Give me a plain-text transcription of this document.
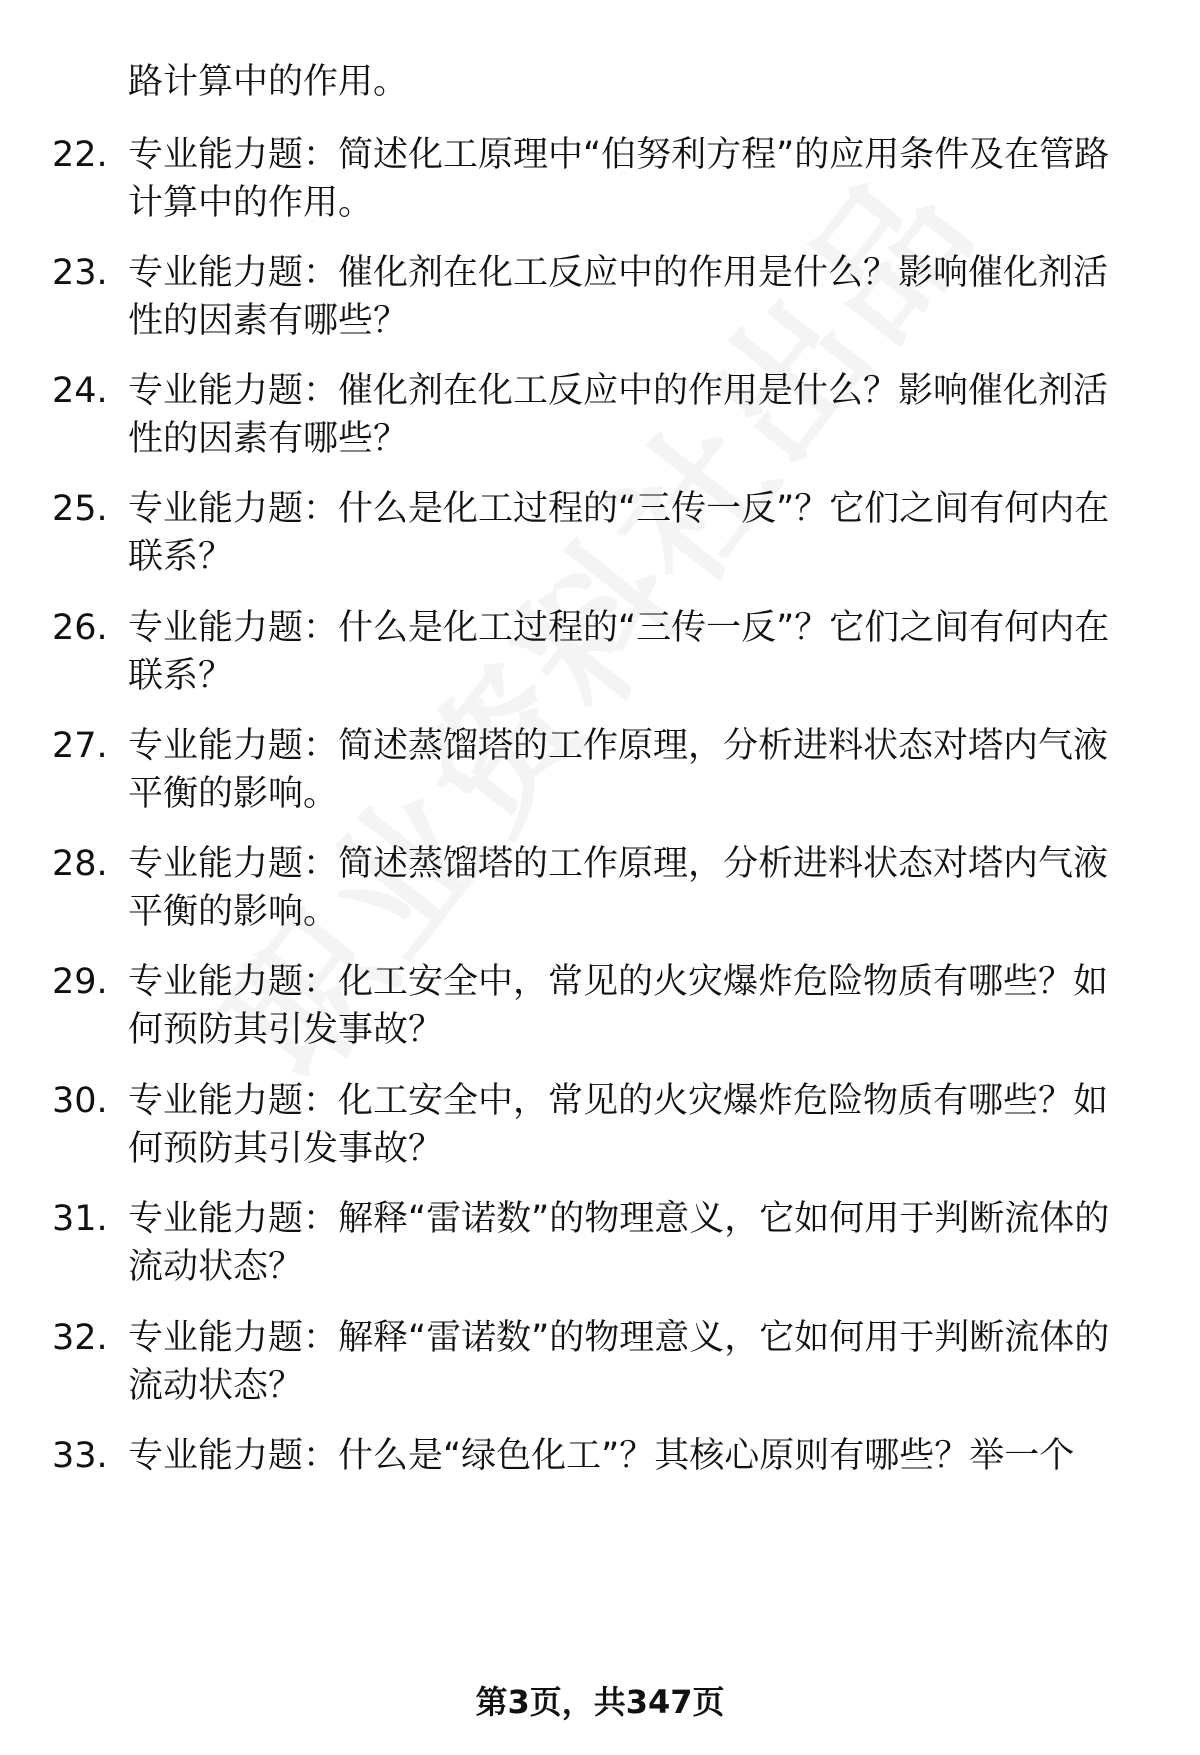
路计算中的作用。

22. 专业能力题：简述化工原理中“伯努利方程”的应用条件及在管路计算中的作用。

23. 专业能力题：催化剂在化工反应中的作用是什么？影响催化剂活性的因素有哪些？

24. 专业能力题：催化剂在化工反应中的作用是什么？影响催化剂活性的因素有哪些？

25. 专业能力题：什么是化工过程的“三传一反”？它们之间有何内在联系？

26. 专业能力题：什么是化工过程的“三传一反”？它们之间有何内在联系？

27. 专业能力题：简述蒸馏塔的工作原理，分析进料状态对塔内气液平衡的影响。

28. 专业能力题：简述蒸馏塔的工作原理，分析进料状态对塔内气液平衡的影响。

29. 专业能力题：化工安全中，常见的火灾爆炸危险物质有哪些？如何预防其引发事故？

30. 专业能力题：化工安全中，常见的火灾爆炸危险物质有哪些？如何预防其引发事故？

31. 专业能力题：解释“雷诺数”的物理意义，它如何用于判断流体的流动状态？

32. 专业能力题：解释“雷诺数”的物理意义，它如何用于判断流体的流动状态？

33. 专业能力题：什么是“绿色化工”？其核心原则有哪些？举一个

第3页，共347页
